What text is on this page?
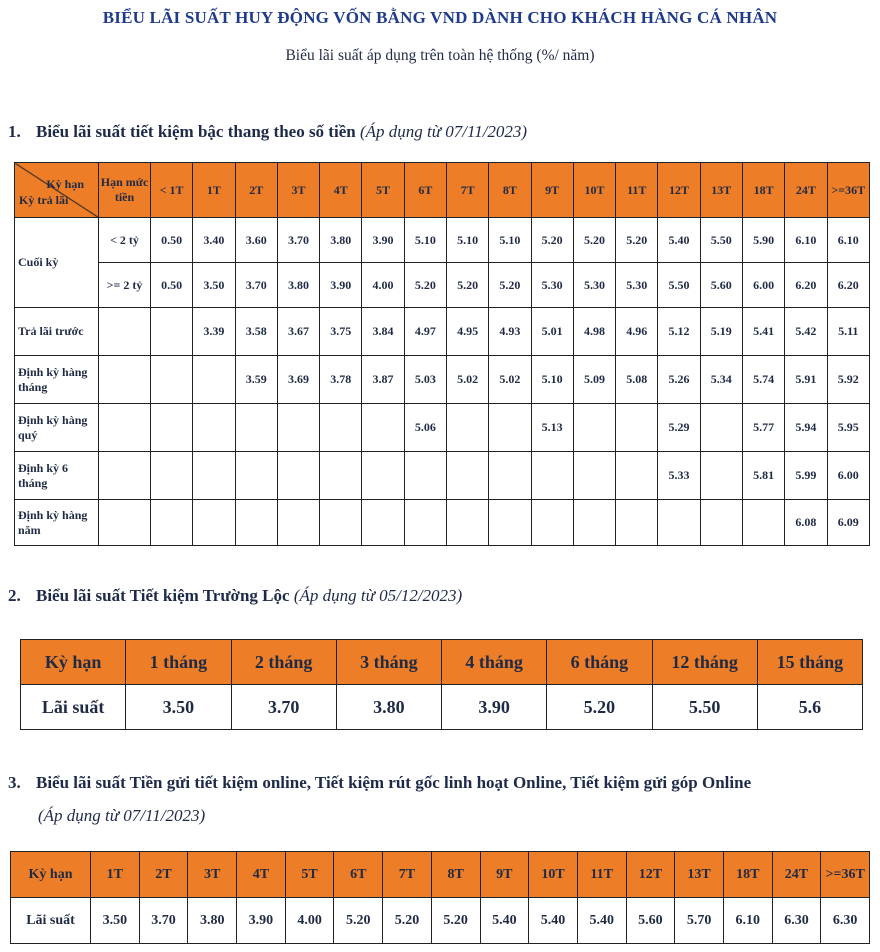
BIỂU LÃI SUẤT HUY ĐỘNG VỐN BẰNG VND DÀNH CHO KHÁCH HÀNG CÁ NHÂN
Biểu lãi suất áp dụng trên toàn hệ thống (%/ năm)
1. Biểu lãi suất tiết kiệm bậc thang theo số tiền (Áp dụng từ 07/11/2023)
Kỳ hạn
Kỳ trả lãi	Hạn mức tiền	< 1T	1T	2T	3T	4T	5T	6T	7T	8T	9T	10T	11T	12T	13T	18T	24T	>=36T
Cuối kỳ	< 2 tỷ	0.50	3.40	3.60	3.70	3.80	3.90	5.10	5.10	5.10	5.20	5.20	5.20	5.40	5.50	5.90	6.10	6.10
	>= 2 tỷ	0.50	3.50	3.70	3.80	3.90	4.00	5.20	5.20	5.20	5.30	5.30	5.30	5.50	5.60	6.00	6.20	6.20
Trả lãi trước			3.39	3.58	3.67	3.75	3.84	4.97	4.95	4.93	5.01	4.98	4.96	5.12	5.19	5.41	5.42	5.11
Định kỳ hàng tháng				3.59	3.69	3.78	3.87	5.03	5.02	5.02	5.10	5.09	5.08	5.26	5.34	5.74	5.91	5.92
Định kỳ hàng quý								5.06			5.13			5.29		5.77	5.94	5.95
Định kỳ 6 tháng														5.33		5.81	5.99	6.00
Định kỳ hàng năm																	6.08	6.09
2. Biểu lãi suất Tiết kiệm Trường Lộc (Áp dụng từ 05/12/2023)
Kỳ hạn	1 tháng	2 tháng	3 tháng	4 tháng	6 tháng	12 tháng	15 tháng
Lãi suất	3.50	3.70	3.80	3.90	5.20	5.50	5.6
3. Biểu lãi suất Tiền gửi tiết kiệm online, Tiết kiệm rút gốc linh hoạt Online, Tiết kiệm gửi góp Online
(Áp dụng từ 07/11/2023)
Kỳ hạn	1T	2T	3T	4T	5T	6T	7T	8T	9T	10T	11T	12T	13T	18T	24T	>=36T
Lãi suất	3.50	3.70	3.80	3.90	4.00	5.20	5.20	5.20	5.40	5.40	5.40	5.60	5.70	6.10	6.30	6.30
